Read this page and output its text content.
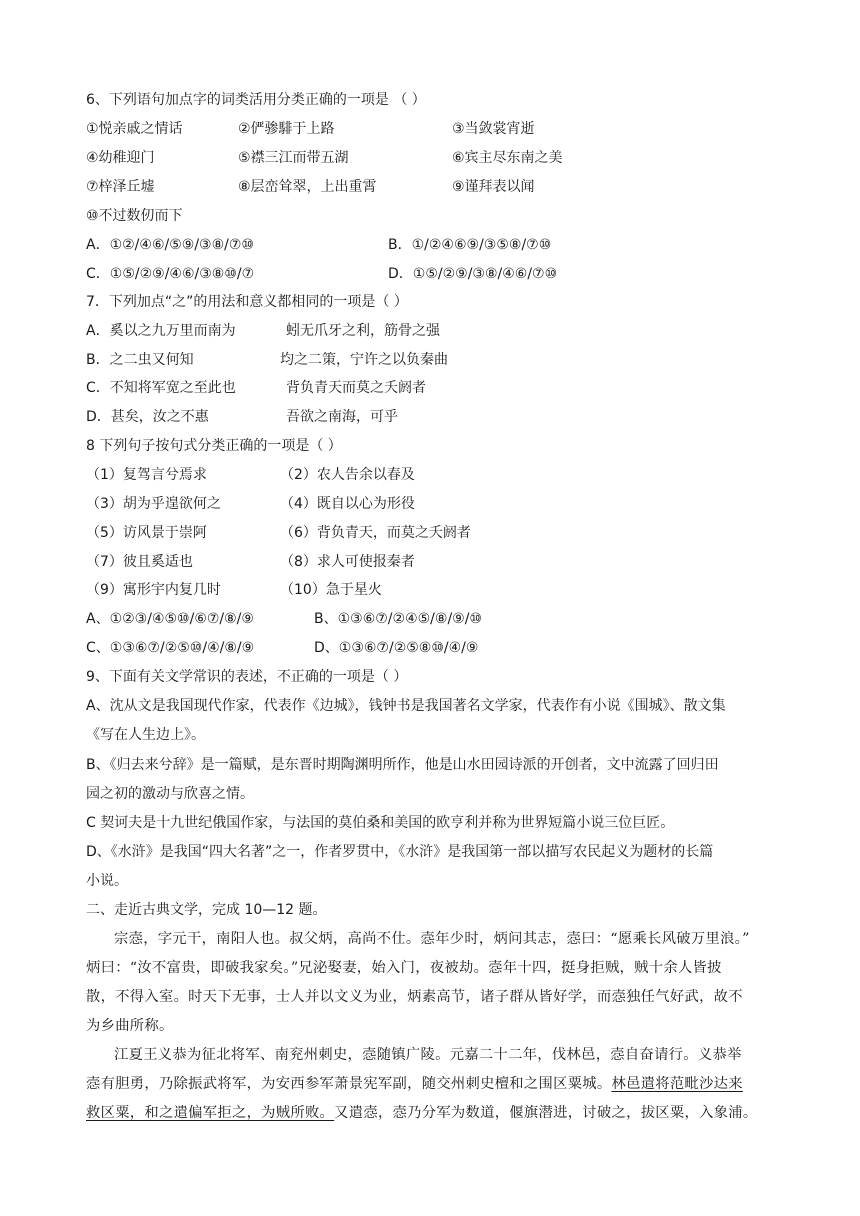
6、下列语句加点字的词类活用分类正确的一项是 （ ）
①悦亲戚之情话	②俨骖騑于上路	③当敛裳宵逝
④幼稚迎门	⑤襟三江而带五湖	⑥宾主尽东南之美
⑦梓泽丘墟	⑧层峦耸翠，上出重霄	⑨谨拜表以闻
⑩不过数仞而下
A．①②/④⑥/⑤⑨/③⑧/⑦⑩	B．①/②④⑥⑨/③⑤⑧/⑦⑩
C．①⑤/②⑨/④⑥/③⑧⑩/⑦	D．①⑤/②⑨/③⑧/④⑥/⑦⑩
7．下列加点“之”的用法和意义都相同的一项是（ ）
A．奚以之九万里而南为	蚓无爪牙之利，筋骨之强
B．之二虫又何知	均之二策，宁许之以负秦曲
C．不知将军宽之至此也	背负青天而莫之夭阏者
D．甚矣，汝之不惠	吾欲之南海，可乎
8 下列句子按句式分类正确的一项是（ ）
（1）复驾言兮焉求	（2）农人告余以春及
（3）胡为乎遑欲何之	（4）既自以心为形役
（5）访风景于崇阿	（6）背负青天，而莫之夭阏者
（7）彼且奚适也	（8）求人可使报秦者
（9）寓形宇内复几时	（10）急于星火
A、①②③/④⑤⑩/⑥⑦/⑧/⑨	B、①③⑥⑦/②④⑤/⑧/⑨/⑩
C、①③⑥⑦/②⑤⑩/④/⑧/⑨	D、①③⑥⑦/②⑤⑧⑩/④/⑨
9、下面有关文学常识的表述，不正确的一项是（ ）
A、沈从文是我国现代作家，代表作《边城》，钱钟书是我国著名文学家，代表作有小说《围城》、散文集
《写在人生边上》。
B、《归去来兮辞》是一篇赋，是东晋时期陶渊明所作，他是山水田园诗派的开创者，文中流露了回归田
园之初的激动与欣喜之情。
C 契诃夫是十九世纪俄国作家，与法国的莫伯桑和美国的欧亨利并称为世界短篇小说三位巨匠。
D、《水浒》是我国“四大名著”之一，作者罗贯中，《水浒》是我国第一部以描写农民起义为题材的长篇
小说。
二、走近古典文学，完成 10—12 题。
宗悫，字元干，南阳人也。叔父炳，高尚不仕。悫年少时，炳问其志，悫曰：“愿乘长风破万里浪。”
炳曰：“汝不富贵，即破我家矣。”兄泌娶妻，始入门，夜被劫。悫年十四，挺身拒贼，贼十余人皆披
散，不得入室。时天下无事，士人并以文义为业，炳素高节，诸子群从皆好学，而悫独任气好武，故不
为乡曲所称。
江夏王义恭为征北将军、南兖州刺史，悫随镇广陵。元嘉二十二年，伐林邑，悫自奋请行。义恭举
悫有胆勇，乃除振武将军，为安西参军萧景宪军副，随交州刺史檀和之围区粟城。林邑遣将范毗沙达来
救区粟，和之遣偏军拒之，为贼所败。又遣悫，悫乃分军为数道，偃旗潜进，讨破之，拔区粟，入象浦。
